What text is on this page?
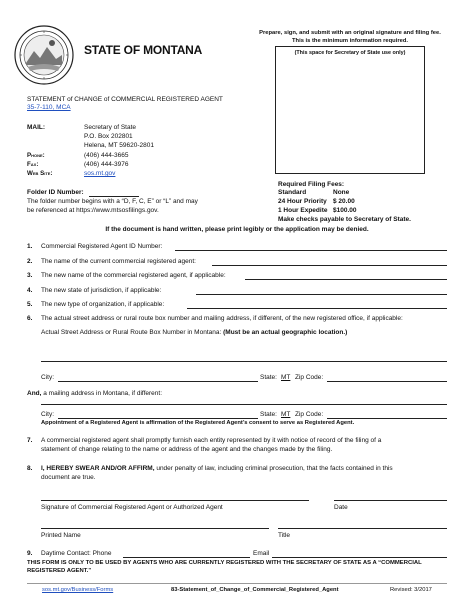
STATE OF MONTANA
Prepare, sign, and submit with an original signature and filing fee.
This is the minimum information required.
(This space for Secretary of State use only)
STATEMENT of CHANGE of COMMERCIAL REGISTERED AGENT
35-7-110, MCA
MAIL:	Secretary of State
P.O. Box 202801
Helena, MT 59620-2801
Phone:	(406) 444-3665
Fax:	(406) 444-3976
Web Site:	sos.mt.gov
Required Filing Fees:
Standard	None
24 Hour Priority $ 20.00
1 Hour Expedite $100.00
Make checks payable to Secretary of State.
Folder ID Number:
The folder number begins with a “D, F, C, E” or “L” and may
be referenced at https://www.mtsosfilings.gov.
If the document is hand written, please print legibly or the application may be denied.
1. Commercial Registered Agent ID Number:
2. The name of the current commercial registered agent:
3. The new name of the commercial registered agent, if applicable:
4. The new state of jurisdiction, if applicable:
5. The new type of organization, if applicable:
6. The actual street address or rural route box number and mailing address, if different, of the new registered office, if applicable:
Actual Street Address or Rural Route Box Number in Montana: (Must be an actual geographic location.)
City:	State: MT Zip Code:
And, a mailing address in Montana, if different:
City:	State: MT Zip Code:
Appointment of a Registered Agent is affirmation of the Registered Agent’s consent to serve as Registered Agent.
7. A commercial registered agent shall promptly furnish each entity represented by it with notice of record of the filing of a
statement of change relating to the name or address of the agent and the changes made by the filing.
8. I, HEREBY SWEAR AND/OR AFFIRM, under penalty of law, including criminal prosecution, that the facts contained in this
document are true.
Signature of Commercial Registered Agent or Authorized Agent	Date
Printed Name	Title
9. Daytime Contact: Phone	Email
THIS FORM IS ONLY TO BE USED BY AGENTS WHO ARE CURRENTLY REGISTERED WITH THE SECRETARY OF STATE AS A “COMMERCIAL
REGISTERED AGENT.”
sos.mt.gov/Business/Forms	83-Statement_of_Change_of_Commercial_Registered_Agent	Revised: 3/2017
